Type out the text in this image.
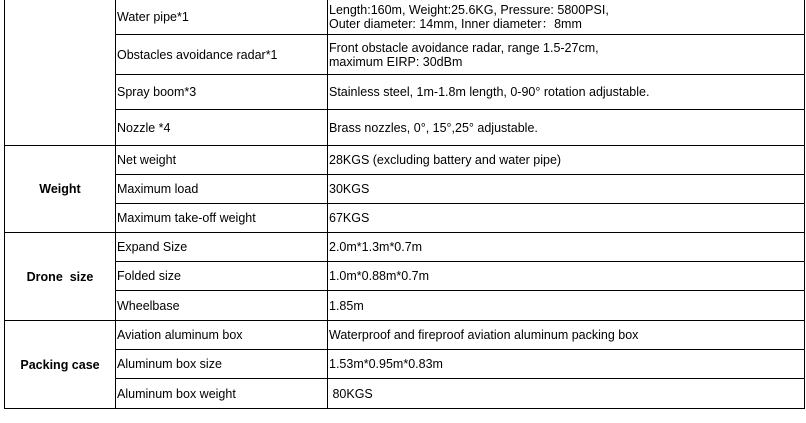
	Water pipe*1	Length:160m, Weight:25.6KG, Pressure: 5800PSI,
Outer diameter: 14mm, Inner diameter：8mm

	Obstacles avoidance radar*1	Front obstacle avoidance radar, range 1.5-27cm,
maximum EIRP: 30dBm

	Spray boom*3	Stainless steel, 1m-1.8m length, 0-90° rotation adjustable.
	Nozzle *4	Brass nozzles, 0°, 15°,25° adjustable.
Weight	Net weight	28KGS (excluding battery and water pipe)
	Maximum load	30KGS
	Maximum take-off weight	67KGS
Drone  size	Expand Size	2.0m*1.3m*0.7m
	Folded size	1.0m*0.88m*0.7m
	Wheelbase	1.85m
Packing case	Aviation aluminum box	Waterproof and fireproof aviation aluminum packing box
	Aluminum box size	1.53m*0.95m*0.83m
	Aluminum box weight	80KGS
